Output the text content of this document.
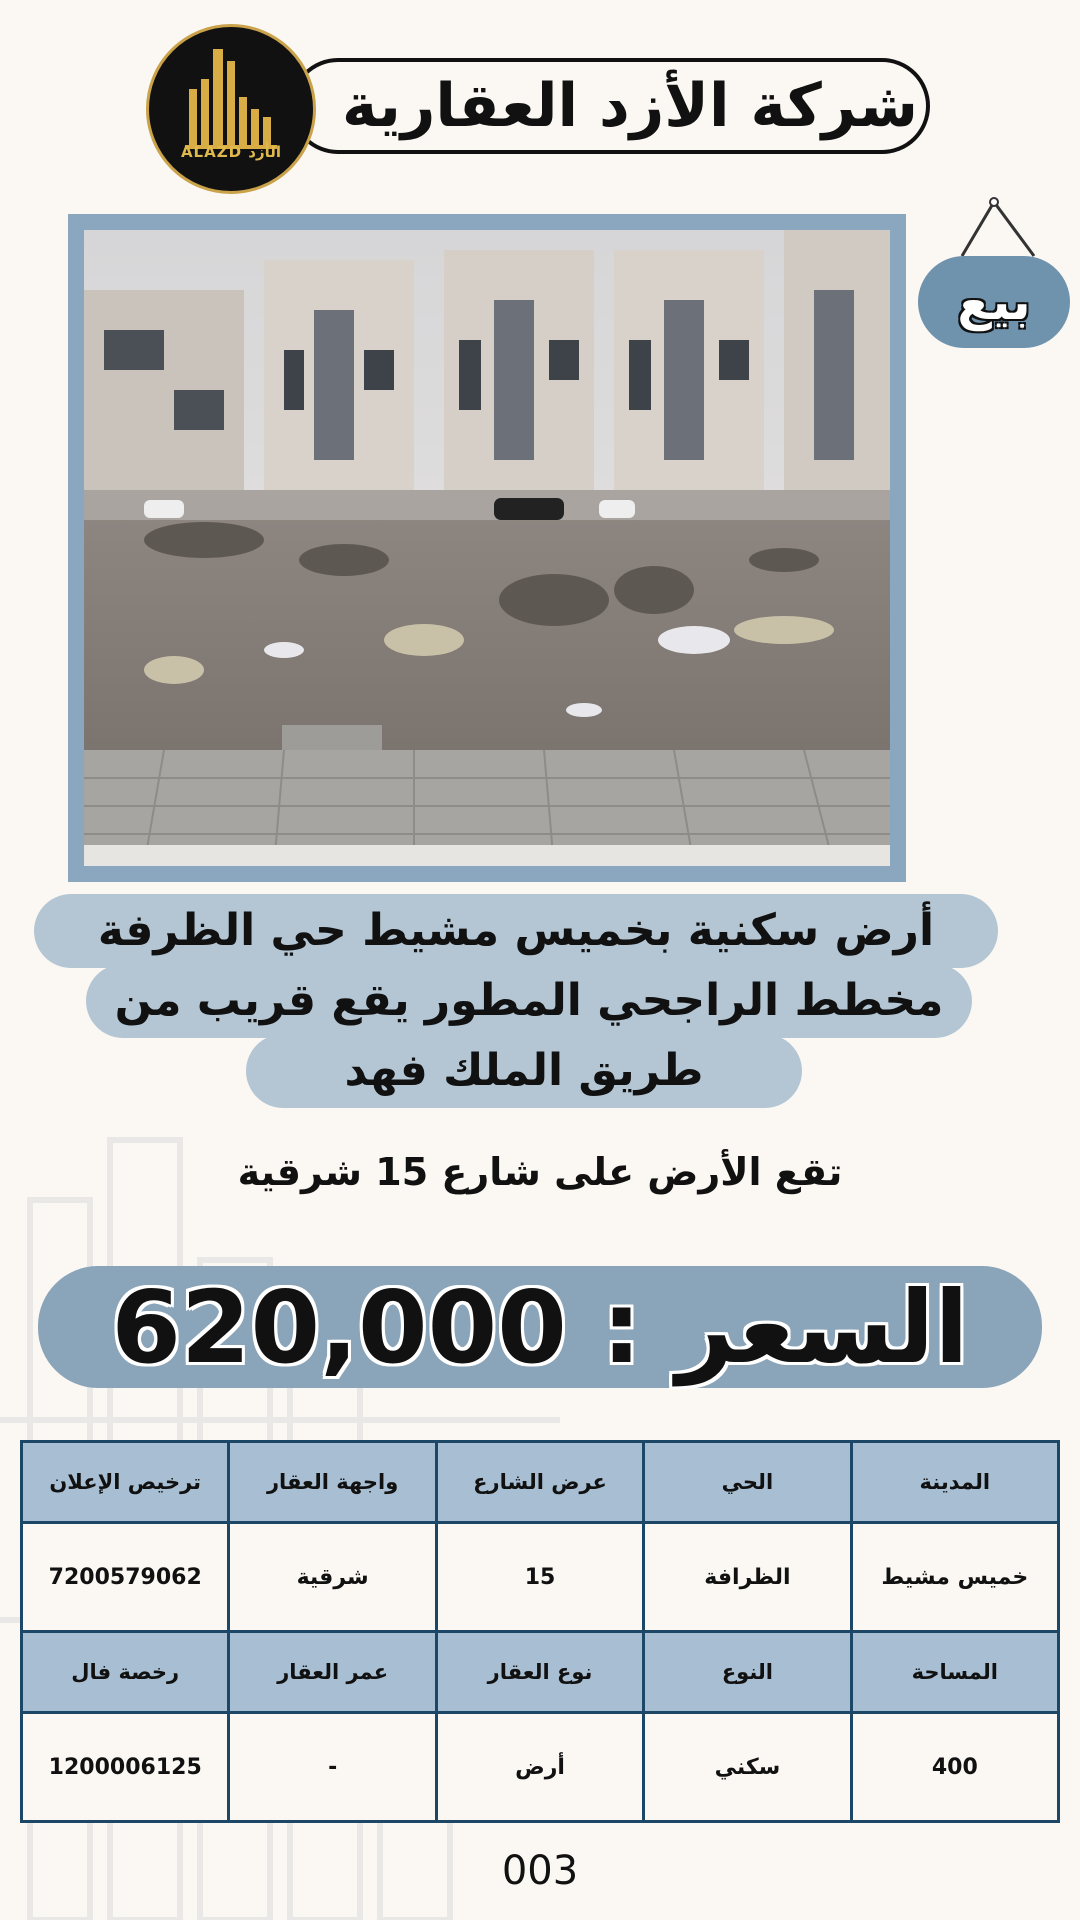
شركة الأزد العقارية
ALAZD الأزد
بيع
أرض سكنية بخميس مشيط حي الظرفة
مخطط الراجحي المطور يقع قريب من
طريق الملك فهد
تقع الأرض على شارع 15 شرقية
620,000 السعر :
المدينة	الحي	عرض الشارع	واجهة العقار	ترخيص الإعلان
خميس مشيط	الظرافة	15	شرقية	7200579062
المساحة	النوع	نوع العقار	عمر العقار	رخصة فال
400	سكني	أرض	-	1200006125
003
